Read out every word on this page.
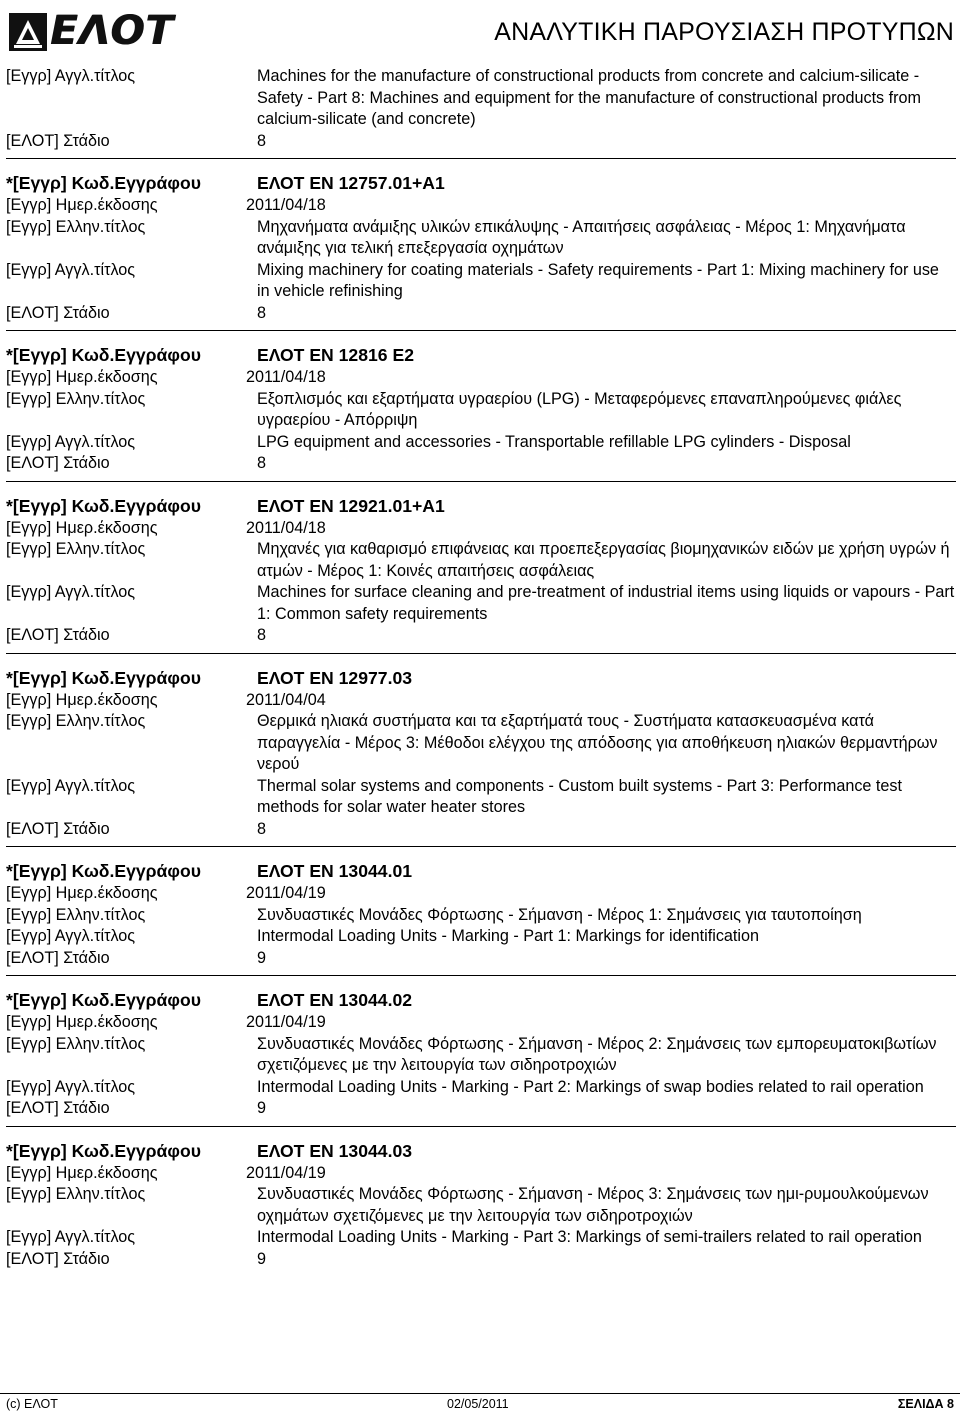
ΕΛΟΤ	ΑΝΑΛΥΤΙΚΗ ΠΑΡΟΥΣΙΑΣΗ ΠΡΟΤΥΠΩΝ
[Εγγρ] Αγγλ.τίτλος	Machines for the manufacture of constructional products from concrete and calcium-silicate - Safety - Part 8: Machines and equipment for the manufacture of constructional products from calcium-silicate (and concrete)
[ΕΛΟΤ] Στάδιο	8
*[Εγγρ] Κωδ.Εγγράφου	ΕΛΟΤ EN 12757.01+A1
[Εγγρ] Ημερ.έκδοσης	2011/04/18
[Εγγρ] Ελλην.τίτλος	Μηχανήματα ανάμιξης υλικών επικάλυψης - Απαιτήσεις ασφάλειας - Μέρος 1: Μηχανήματα ανάμιξης για τελική επεξεργασία οχημάτων
[Εγγρ] Αγγλ.τίτλος	Mixing machinery for coating materials - Safety requirements - Part 1: Mixing machinery for use in vehicle refinishing
[ΕΛΟΤ] Στάδιο	8
*[Εγγρ] Κωδ.Εγγράφου	ΕΛΟΤ EN 12816 E2
[Εγγρ] Ημερ.έκδοσης	2011/04/18
[Εγγρ] Ελλην.τίτλος	Εξοπλισμός και εξαρτήματα υγραερίου (LPG) - Μεταφερόμενες επαναπληρούμενες φιάλες υγραερίου - Απόρριψη
[Εγγρ] Αγγλ.τίτλος	LPG equipment and accessories - Transportable refillable LPG cylinders - Disposal
[ΕΛΟΤ] Στάδιο	8
*[Εγγρ] Κωδ.Εγγράφου	ΕΛΟΤ EN 12921.01+A1
[Εγγρ] Ημερ.έκδοσης	2011/04/18
[Εγγρ] Ελλην.τίτλος	Μηχανές για καθαρισμό επιφάνειας και προεπεξεργασίας βιομηχανικών ειδών με χρήση υγρών ή ατμών - Μέρος 1: Κοινές απαιτήσεις ασφάλειας
[Εγγρ] Αγγλ.τίτλος	Machines for surface cleaning and pre-treatment of industrial items using liquids or vapours - Part 1: Common safety requirements
[ΕΛΟΤ] Στάδιο	8
*[Εγγρ] Κωδ.Εγγράφου	ΕΛΟΤ EN 12977.03
[Εγγρ] Ημερ.έκδοσης	2011/04/04
[Εγγρ] Ελλην.τίτλος	Θερμικά ηλιακά συστήματα και τα εξαρτήματά τους - Συστήματα κατασκευασμένα κατά παραγγελία - Μέρος 3: Μέθοδοι ελέγχου της απόδοσης για αποθήκευση ηλιακών θερμαντήρων νερού
[Εγγρ] Αγγλ.τίτλος	Thermal solar systems and components - Custom built systems - Part 3: Performance test methods for solar water heater stores
[ΕΛΟΤ] Στάδιο	8
*[Εγγρ] Κωδ.Εγγράφου	ΕΛΟΤ EN 13044.01
[Εγγρ] Ημερ.έκδοσης	2011/04/19
[Εγγρ] Ελλην.τίτλος	Συνδυαστικές Μονάδες Φόρτωσης - Σήμανση - Μέρος 1: Σημάνσεις για ταυτοποίηση
[Εγγρ] Αγγλ.τίτλος	Intermodal Loading Units - Marking - Part 1: Markings for identification
[ΕΛΟΤ] Στάδιο	9
*[Εγγρ] Κωδ.Εγγράφου	ΕΛΟΤ EN 13044.02
[Εγγρ] Ημερ.έκδοσης	2011/04/19
[Εγγρ] Ελλην.τίτλος	Συνδυαστικές Μονάδες Φόρτωσης - Σήμανση - Μέρος 2: Σημάνσεις των εμπορευματοκιβωτίων σχετιζόμενες με την λειτουργία των σιδηροτροχιών
[Εγγρ] Αγγλ.τίτλος	Intermodal Loading Units - Marking - Part 2: Markings of swap bodies related to rail operation
[ΕΛΟΤ] Στάδιο	9
*[Εγγρ] Κωδ.Εγγράφου	ΕΛΟΤ EN 13044.03
[Εγγρ] Ημερ.έκδοσης	2011/04/19
[Εγγρ] Ελλην.τίτλος	Συνδυαστικές Μονάδες Φόρτωσης - Σήμανση - Μέρος 3: Σημάνσεις των ημι-ρυμουλκούμενων οχημάτων σχετιζόμενες με την λειτουργία των σιδηροτροχιών
[Εγγρ] Αγγλ.τίτλος	Intermodal Loading Units - Marking - Part 3: Markings of semi-trailers related to rail operation
[ΕΛΟΤ] Στάδιο	9
(c) ΕΛΟΤ	02/05/2011	ΣΕΛΙΔΑ 8
